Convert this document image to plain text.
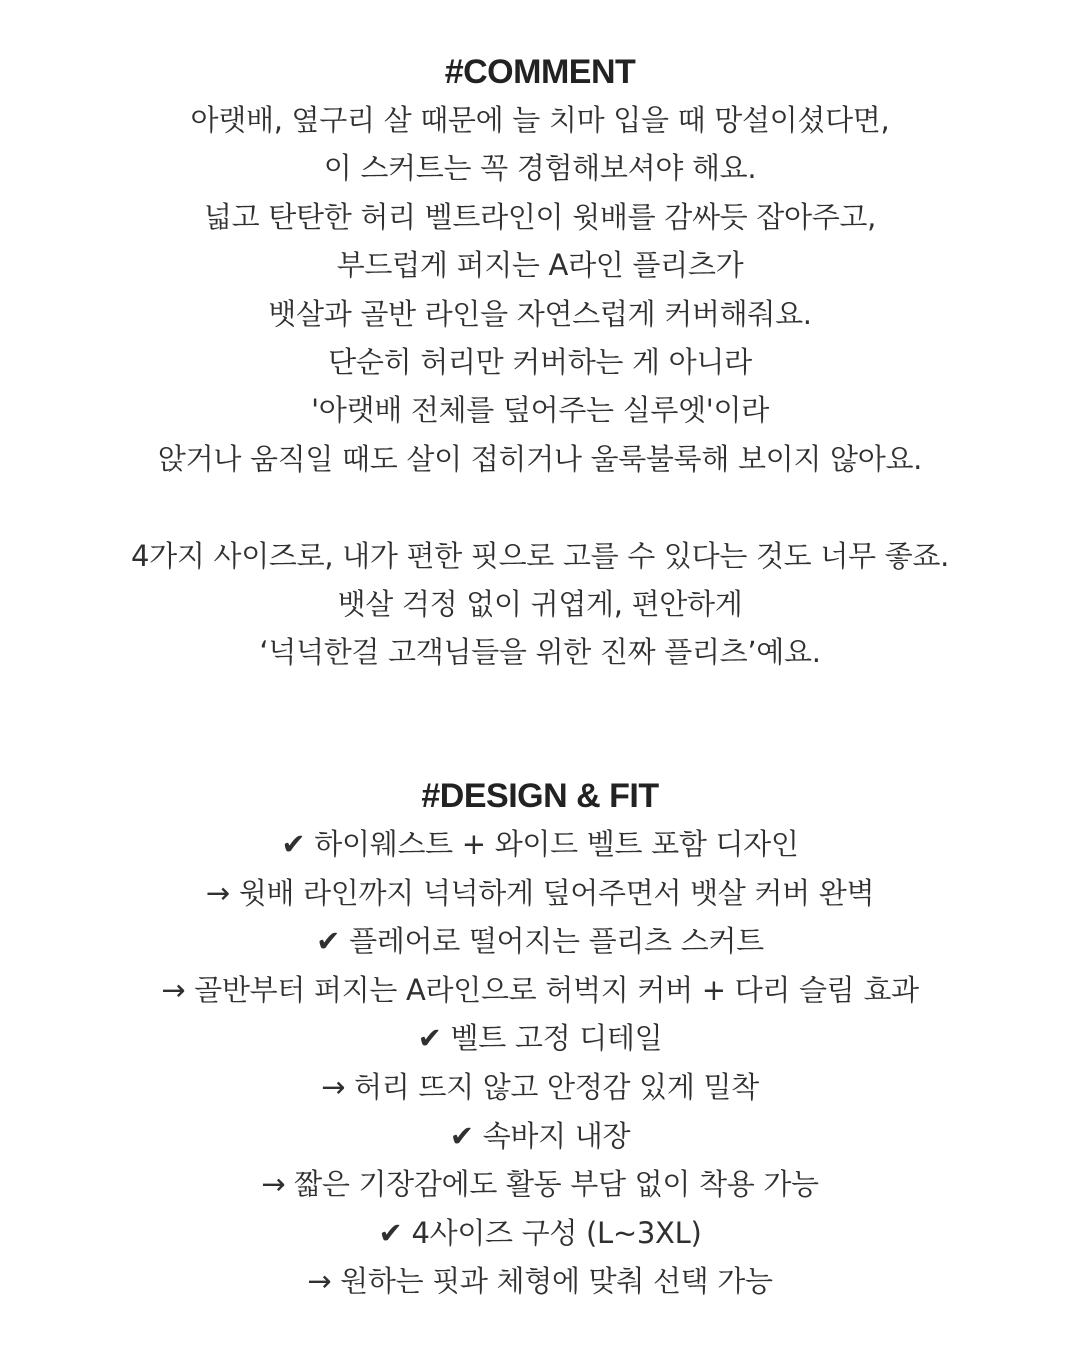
#COMMENT
아랫배, 옆구리 살 때문에 늘 치마 입을 때 망설이셨다면,
이 스커트는 꼭 경험해보셔야 해요.
넓고 탄탄한 허리 벨트라인이 윗배를 감싸듯 잡아주고,
부드럽게 퍼지는 A라인 플리츠가
뱃살과 골반 라인을 자연스럽게 커버해줘요.
단순히 허리만 커버하는 게 아니라
'아랫배 전체를 덮어주는 실루엣'이라
앉거나 움직일 때도 살이 접히거나 울룩불룩해 보이지 않아요.
4가지 사이즈로, 내가 편한 핏으로 고를 수 있다는 것도 너무 좋죠.
뱃살 걱정 없이 귀엽게, 편안하게
‘넉넉한걸 고객님들을 위한 진짜 플리츠’예요.
#DESIGN & FIT
✔ 하이웨스트 + 와이드 벨트 포함 디자인
→ 윗배 라인까지 넉넉하게 덮어주면서 뱃살 커버 완벽
✔ 플레어로 떨어지는 플리츠 스커트
→ 골반부터 퍼지는 A라인으로 허벅지 커버 + 다리 슬림 효과
✔ 벨트 고정 디테일
→ 허리 뜨지 않고 안정감 있게 밀착
✔ 속바지 내장
→ 짧은 기장감에도 활동 부담 없이 착용 가능
✔ 4사이즈 구성 (L~3XL)
→ 원하는 핏과 체형에 맞춰 선택 가능
